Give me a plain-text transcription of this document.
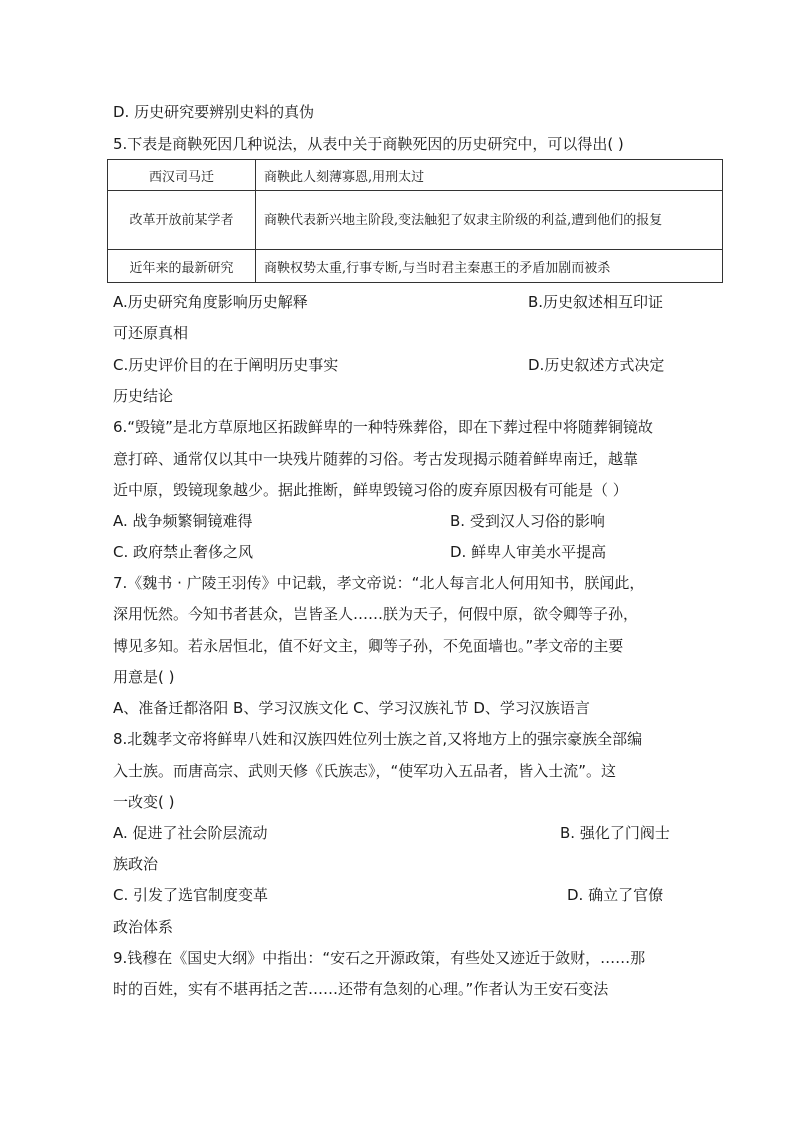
D. 历史研究要辨别史料的真伪
5.下表是商鞅死因几种说法，从表中关于商鞅死因的历史研究中，可以得出( )
西汉司马迁	商鞅此人刻薄寡恩,用刑太过
改革开放前某学者	商鞅代表新兴地主阶段,变法触犯了奴隶主阶级的利益,遭到他们的报复
近年来的最新研究	商鞅权势太重,行事专断,与当时君主秦惠王的矛盾加剧而被杀
A.历史研究角度影响历史解释	B.历史叙述相互印证
可还原真相
C.历史评价目的在于阐明历史事实	D.历史叙述方式决定
历史结论
6.“毁镜”是北方草原地区拓跋鲜卑的一种特殊葬俗，即在下葬过程中将随葬铜镜故
意打碎、通常仅以其中一块残片随葬的习俗。考古发现揭示随着鲜卑南迁，越靠
近中原，毁镜现象越少。据此推断，鲜卑毁镜习俗的废弃原因极有可能是（ ）
A. 战争频繁铜镜难得	B. 受到汉人习俗的影响
C. 政府禁止奢侈之风	D. 鲜卑人审美水平提高
7.《魏书 · 广陵王羽传》中记载，孝文帝说：“北人每言北人何用知书，朕闻此，
深用怃然。今知书者甚众，岂皆圣人……朕为天子，何假中原，欲令卿等子孙，
博见多知。若永居恒北，值不好文主，卿等子孙，不免面墙也。”孝文帝的主要
用意是( )
A、准备迁都洛阳 B、学习汉族文化 C、学习汉族礼节 D、学习汉族语言
8.北魏孝文帝将鲜卑八姓和汉族四姓位列士族之首,又将地方上的强宗豪族全部编
入士族。而唐高宗、武则天修《氏族志》，“使军功入五品者，皆入士流”。这
一改变( )
A. 促进了社会阶层流动	B. 强化了门阀士
族政治
C. 引发了选官制度变革	D. 确立了官僚
政治体系
9.钱穆在《国史大纲》中指出：“安石之开源政策，有些处又迹近于敛财，……那
时的百姓，实有不堪再括之苦……还带有急刻的心理。”作者认为王安石变法
